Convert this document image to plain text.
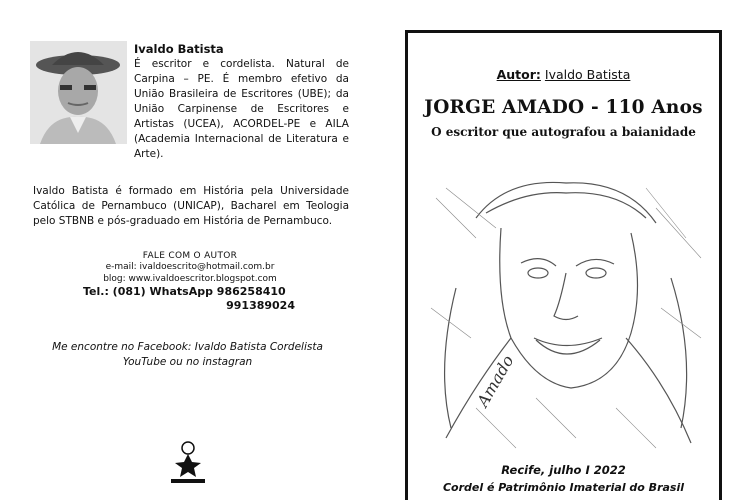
Ivaldo Batista
É escritor e cordelista. Natural de Carpina – PE. É membro efetivo da União Brasileira de Escritores (UBE); da União Carpinense de Escritores e Artistas (UCEA), ACORDEL-PE e AILA (Academia Internacional de Literatura e Arte).
Ivaldo Batista é formado em História pela Universidade Católica de Pernambuco (UNICAP), Bacharel em Teologia pelo STBNB e pós-graduado em História de Pernambuco.
FALE COM O AUTOR
e-mail: ivaldoescrito@hotmail.com.br
blog: www.ivaldoescritor.blogspot.com
Tel.: (081) WhatsApp 986258410
991389024
Me encontre no Facebook: Ivaldo Batista Cordelista
YouTube ou no instagran
Autor: Ivaldo Batista
JORGE AMADO - 110 Anos
O escritor que autografou a baianidade
Amado
Recife, julho I 2022
Cordel é Patrimônio Imaterial do Brasil
